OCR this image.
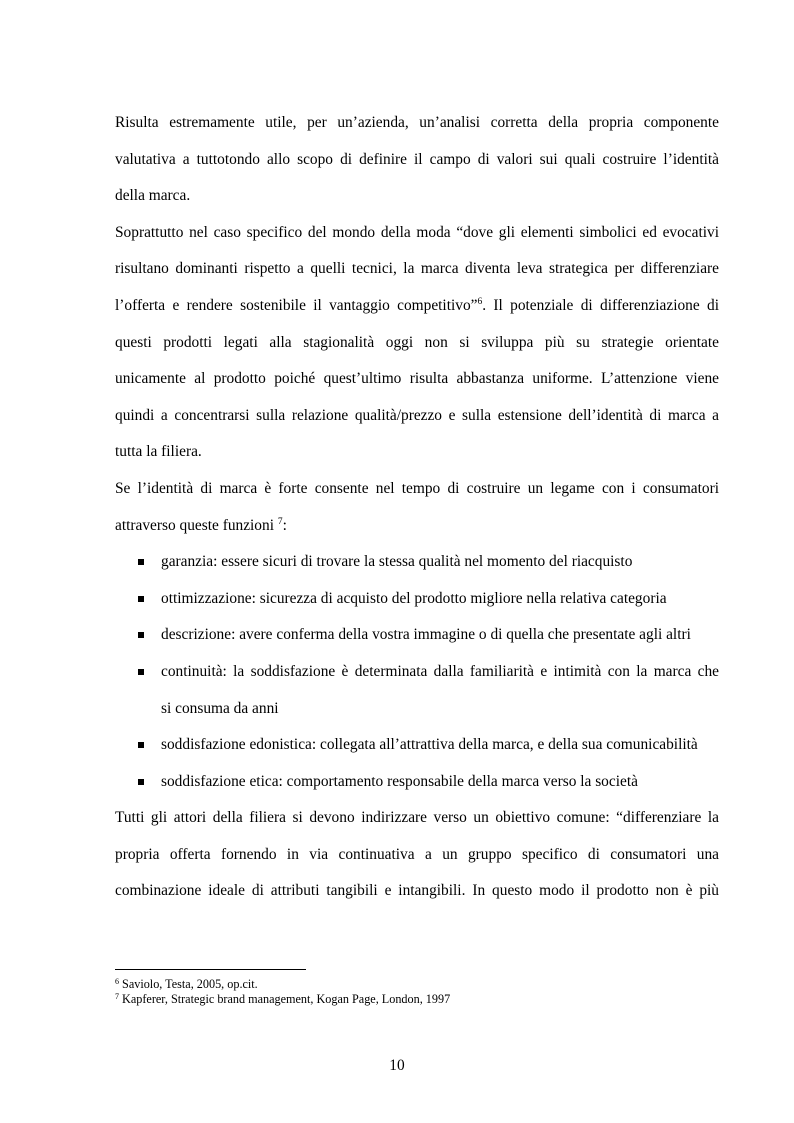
Risulta estremamente utile, per un’azienda, un’analisi corretta della propria componente
valutativa a tuttotondo allo scopo di definire il campo di valori sui quali costruire l’identità
della marca.
Soprattutto nel caso specifico del mondo della moda “dove gli elementi simbolici ed evocativi
risultano dominanti rispetto a quelli tecnici, la marca diventa leva strategica per differenziare
l’offerta e rendere sostenibile il vantaggio competitivo”$^6$. Il potenziale di differenziazione di
questi prodotti legati alla stagionalità oggi non si sviluppa più su strategie orientate
unicamente al prodotto poiché quest’ultimo risulta abbastanza uniforme. L’attenzione viene
quindi a concentrarsi sulla relazione qualità/prezzo e sulla estensione dell’identità di marca a
tutta la filiera.
Se l’identità di marca è forte consente nel tempo di costruire un legame con i consumatori
attraverso queste funzioni $^7$:
garanzia: essere sicuri di trovare la stessa qualità nel momento del riacquisto
ottimizzazione: sicurezza di acquisto del prodotto migliore nella relativa categoria
descrizione: avere conferma della vostra immagine o di quella che presentate agli altri
continuità: la soddisfazione è determinata dalla familiarità e intimità con la marca che
si consuma da anni
soddisfazione edonistica: collegata all’attrattiva della marca, e della sua comunicabilità
soddisfazione etica: comportamento responsabile della marca verso la società
Tutti gli attori della filiera si devono indirizzare verso un obiettivo comune: “differenziare la
propria offerta fornendo in via continuativa a un gruppo specifico di consumatori una
combinazione ideale di attributi tangibili e intangibili. In questo modo il prodotto non è più
$^6$ Saviolo, Testa, 2005, op.cit.
$^7$ Kapferer, Strategic brand management, Kogan Page, London, 1997
10
